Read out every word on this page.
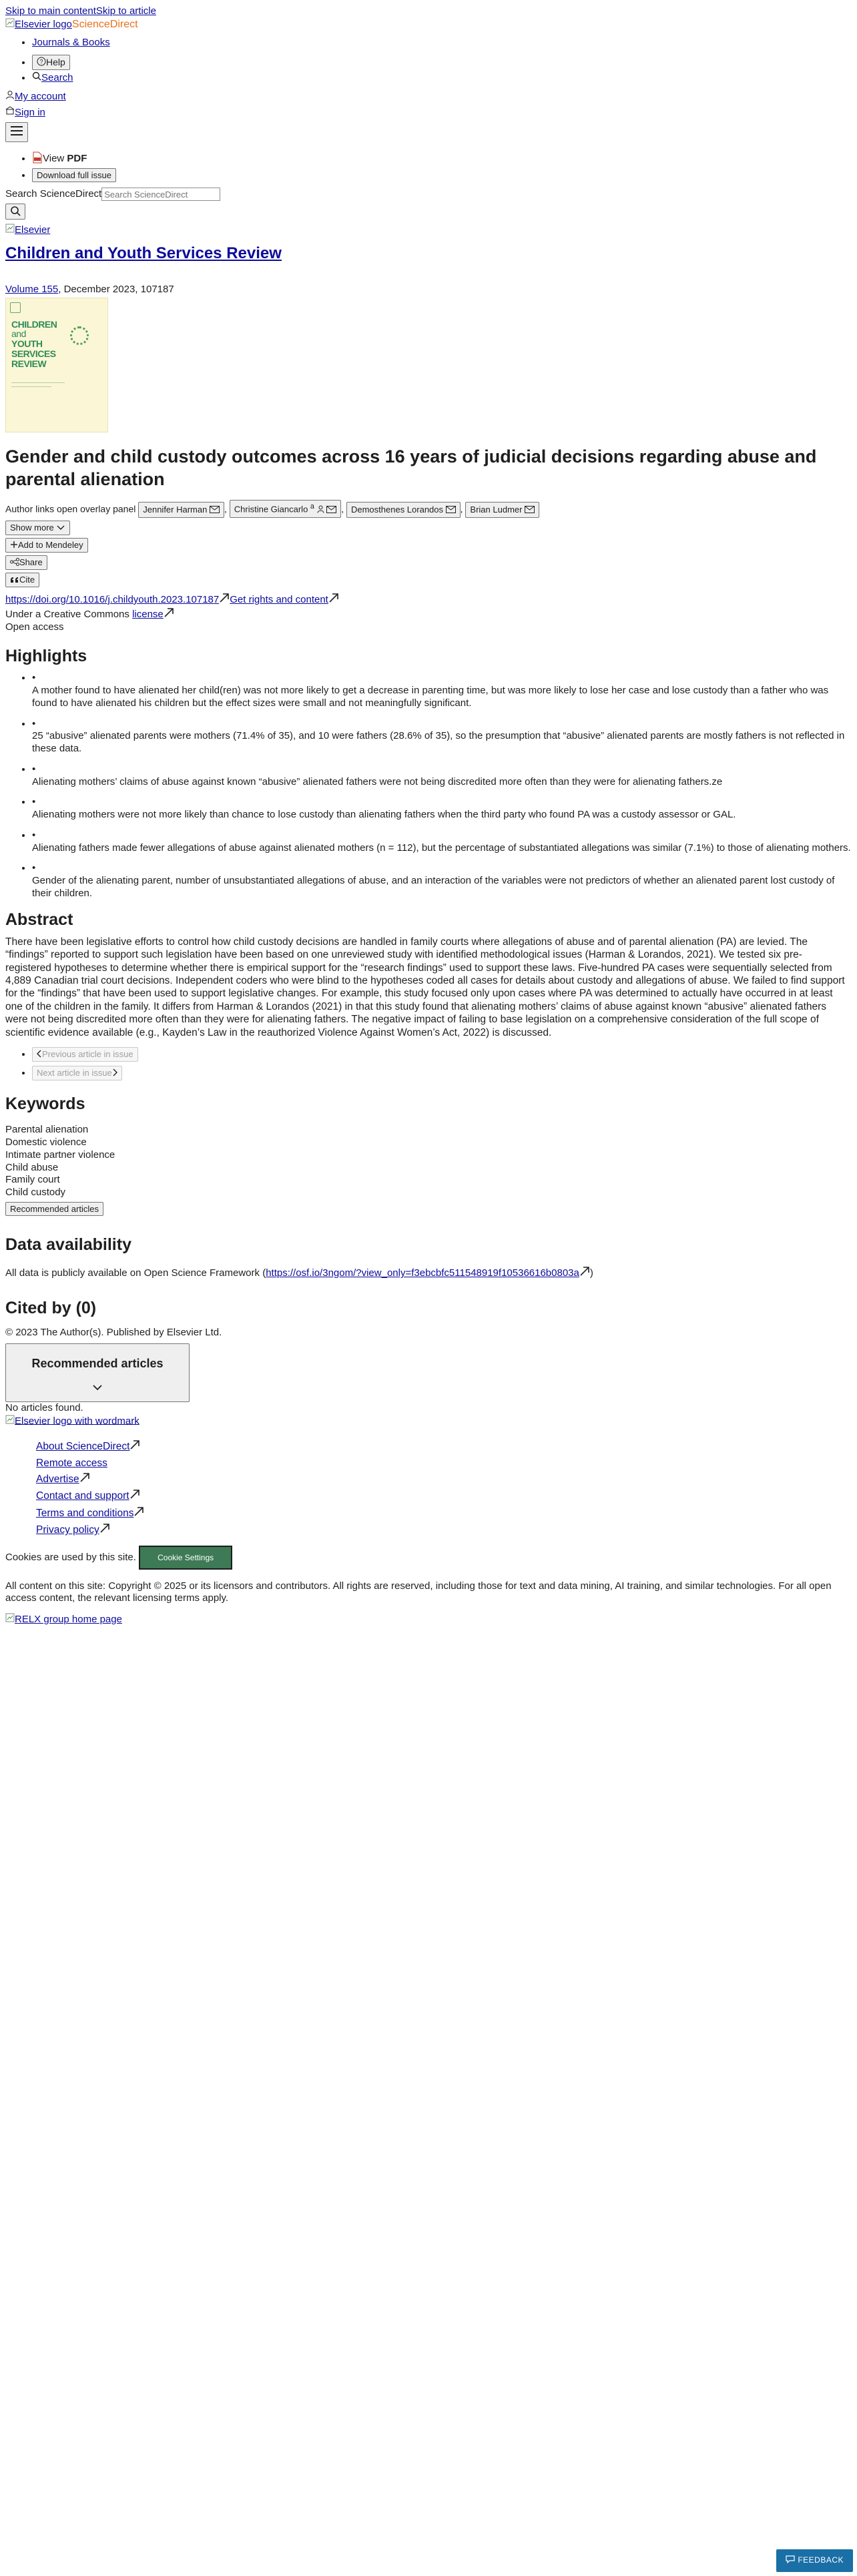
Skip to main contentSkip to article
Elsevier logoScienceDirect
• Journals & Books
• ? Help
• Search
My account
Sign in
• View PDF
• Download full issue
Search ScienceDirectSearch ScienceDirect
Elsevier
Children and Youth Services Review
Volume 155, December 2023, 107187
CHILDREN
and
YOUTH
SERVICES
REVIEW
Gender and child custody outcomes across 16 years of judicial decisions regarding abuse and parental alienation
Author links open overlay panel Jennifer Harman , Christine Giancarlo $^a$	, Demosthenes Lorandos , Brian Ludmer
Show more
Add to Mendeley
Share
Cite
https://doi.org/10.1016/j.childyouth.2023.107187 Get rights and content
Under a Creative Commons license
Open access
Highlights
• •
A mother found to have alienated her child(ren) was not more likely to get a decrease in parenting time, but was more likely to lose her case and lose custody than a father who was found to have alienated his children but the effect sizes were small and not meaningfully significant.
• •
25 “abusive” alienated parents were mothers (71.4% of 35), and 10 were fathers (28.6% of 35), so the presumption that “abusive” alienated parents are mostly fathers is not reflected in these data.
• •
Alienating mothers’ claims of abuse against known “abusive” alienated fathers were not being discredited more often than they were for alienating fathers.ze
• •
Alienating mothers were not more likely than chance to lose custody than alienating fathers when the third party who found PA was a custody assessor or GAL.
• •
Alienating fathers made fewer allegations of abuse against alienated mothers (n = 112), but the percentage of substantiated allegations was similar (7.1%) to those of alienating mothers.
• •
Gender of the alienating parent, number of unsubstantiated allegations of abuse, and an interaction of the variables were not predictors of whether an alienated parent lost custody of their children.
Abstract

There have been legislative efforts to control how child custody decisions are handled in family courts where allegations of abuse and of parental alienation (PA) are levied. The “findings” reported to support such legislation have been based on one unreviewed study with identified methodological issues (Harman & Lorandos, 2021). We tested six pre-registered hypotheses to determine whether there is empirical support for the “research findings” used to support these laws. Five-hundred PA cases were sequentially selected from 4,889 Canadian trial court decisions. Independent coders who were blind to the hypotheses coded all cases for details about custody and allegations of abuse. We failed to find support for the “findings” that have been used to support legislative changes. For example, this study focused only upon cases where PA was determined to actually have occurred in at least one of the children in the family. It differs from Harman & Lorandos (2021) in that this study found that alienating mothers’ claims of abuse against known “abusive” alienated fathers were not being discredited more often than they were for alienating fathers. The negative impact of failing to base legislation on a comprehensive consideration of the full scope of scientific evidence available (e.g., Kayden’s Law in the reauthorized Violence Against Women’s Act, 2022) is discussed.

• Previous article in issue
• Next article in issue
Keywords
Parental alienation
Domestic violence
Intimate partner violence
Child abuse
Family court
Child custody
Recommended articles
Data availability

All data is publicly available on Open Science Framework (https://osf.io/3ngom/?view_only=f3ebcbfc511548919f10536616b0803a )

Cited by (0)

© 2023 The Author(s). Published by Elsevier Ltd.

Recommended articles
No articles found.
Elsevier logo with wordmark
About ScienceDirect
Remote access
Advertise
Contact and support
Terms and conditions
Privacy policy
Cookies are used by this site.	Cookie Settings

All content on this site: Copyright © 2025 or its licensors and contributors. All rights are reserved, including those for text and data mining, AI training, and similar technologies. For all open access content, the relevant licensing terms apply.

RELX group home page
FEEDBACK
